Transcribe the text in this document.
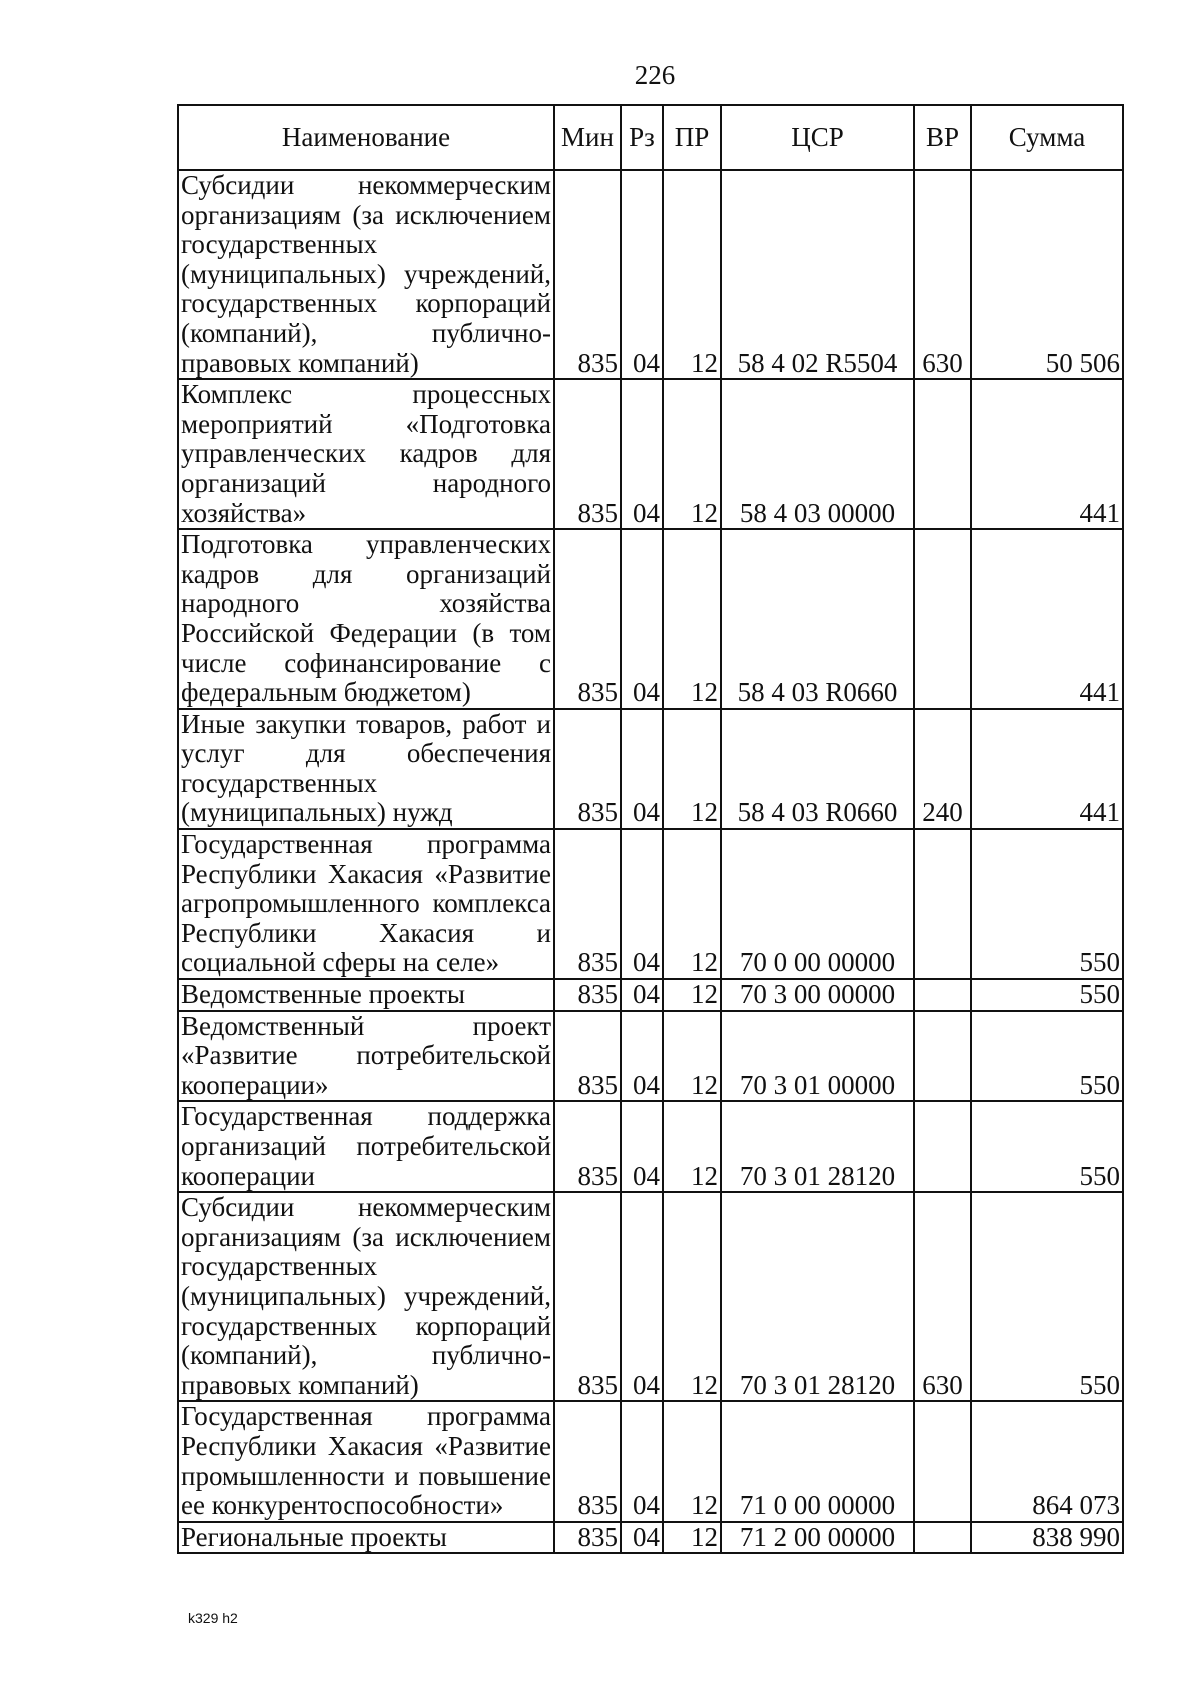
226
Наименование	Мин	Рз	ПР	ЦСР	ВР	Сумма
Субсидии некоммерческим организациям (за исключением государственных (муниципальных) учреждений, государственных корпораций (компаний), публично-правовых компаний)	835	04	12	58 4 02 R5504	630	50 506
Комплекс процессных мероприятий «Подготовка управленческих кадров для организаций народного хозяйства»	835	04	12	58 4 03 00000		441
Подготовка управленческих кадров для организаций народного хозяйства Российской Федерации (в том числе софинансирование с федеральным бюджетом)	835	04	12	58 4 03 R0660		441
Иные закупки товаров, работ и услуг для обеспечения государственных (муниципальных) нужд	835	04	12	58 4 03 R0660	240	441
Государственная программа Республики Хакасия «Развитие агропромышленного комплекса Республики Хакасия и социальной сферы на селе»	835	04	12	70 0 00 00000		550
Ведомственные проекты	835	04	12	70 3 00 00000		550
Ведомственный проект «Развитие потребительской кооперации»	835	04	12	70 3 01 00000		550
Государственная поддержка организаций потребительской кооперации	835	04	12	70 3 01 28120		550
Субсидии некоммерческим организациям (за исключением государственных (муниципальных) учреждений, государственных корпораций (компаний), публично-правовых компаний)	835	04	12	70 3 01 28120	630	550
Государственная программа Республики Хакасия «Развитие промышленности и повышение ее конкурентоспособности»	835	04	12	71 0 00 00000		864 073
Региональные проекты	835	04	12	71 2 00 00000		838 990
k329 h2
